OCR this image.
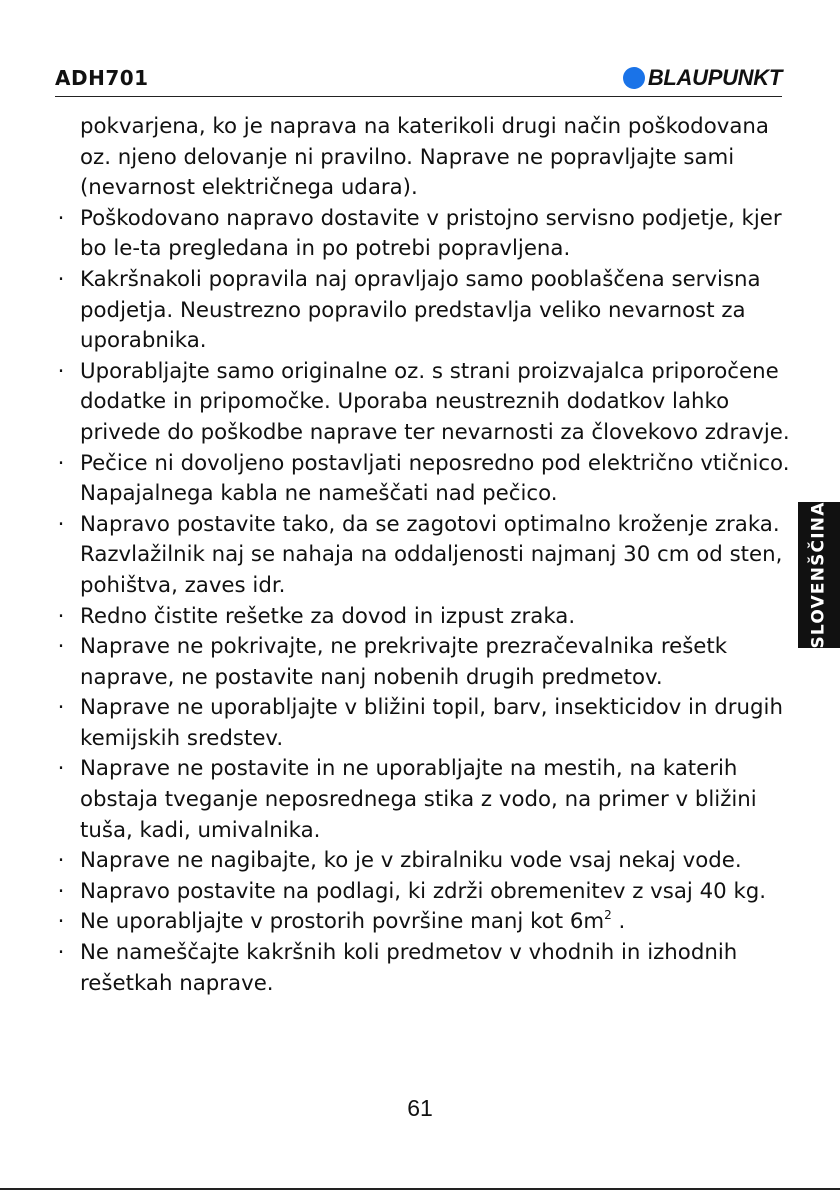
ADH701	BLAUPUNKT

pokvarjena, ko je naprava na katerikoli drugi način poškodovana oz. njeno delovanje ni pravilno. Naprave ne popravljajte sami (nevarnost električnega udara).

· Poškodovano napravo dostavite v pristojno servisno podjetje, kjer bo le-ta pregledana in po potrebi popravljena.
· Kakršnakoli popravila naj opravljajo samo pooblaščena servisna podjetja. Neustrezno popravilo predstavlja veliko nevarnost za uporabnika.
· Uporabljajte samo originalne oz. s strani proizvajalca priporočene dodatke in pripomočke. Uporaba neustreznih dodatkov lahko privede do poškodbe naprave ter nevarnosti za človekovo zdravje.
· Pečice ni dovoljeno postavljati neposredno pod električno vtičnico. Napajalnega kabla ne nameščati nad pečico.
· Napravo postavite tako, da se zagotovi optimalno kroženje zraka. Razvlažilnik naj se nahaja na oddaljenosti najmanj 30 cm od sten, pohištva, zaves idr.
· Redno čistite rešetke za dovod in izpust zraka.
· Naprave ne pokrivajte, ne prekrivajte prezračevalnika rešetk naprave, ne postavite nanj nobenih drugih predmetov.
· Naprave ne uporabljajte v bližini topil, barv, insekticidov in drugih kemijskih sredstev.
· Naprave ne postavite in ne uporabljajte na mestih, na katerih obstaja tveganje neposrednega stika z vodo, na primer v bližini tuša, kadi, umivalnika.
· Naprave ne nagibajte, ko je v zbiralniku vode vsaj nekaj vode.
· Napravo postavite na podlagi, ki zdrži obremenitev z vsaj 40 kg.
· Ne uporabljajte v prostorih površine manj kot $6m^2$ .
· Ne nameščajte kakršnih koli predmetov v vhodnih in izhodnih rešetkah naprave.
SLOVENŠČINA
61
